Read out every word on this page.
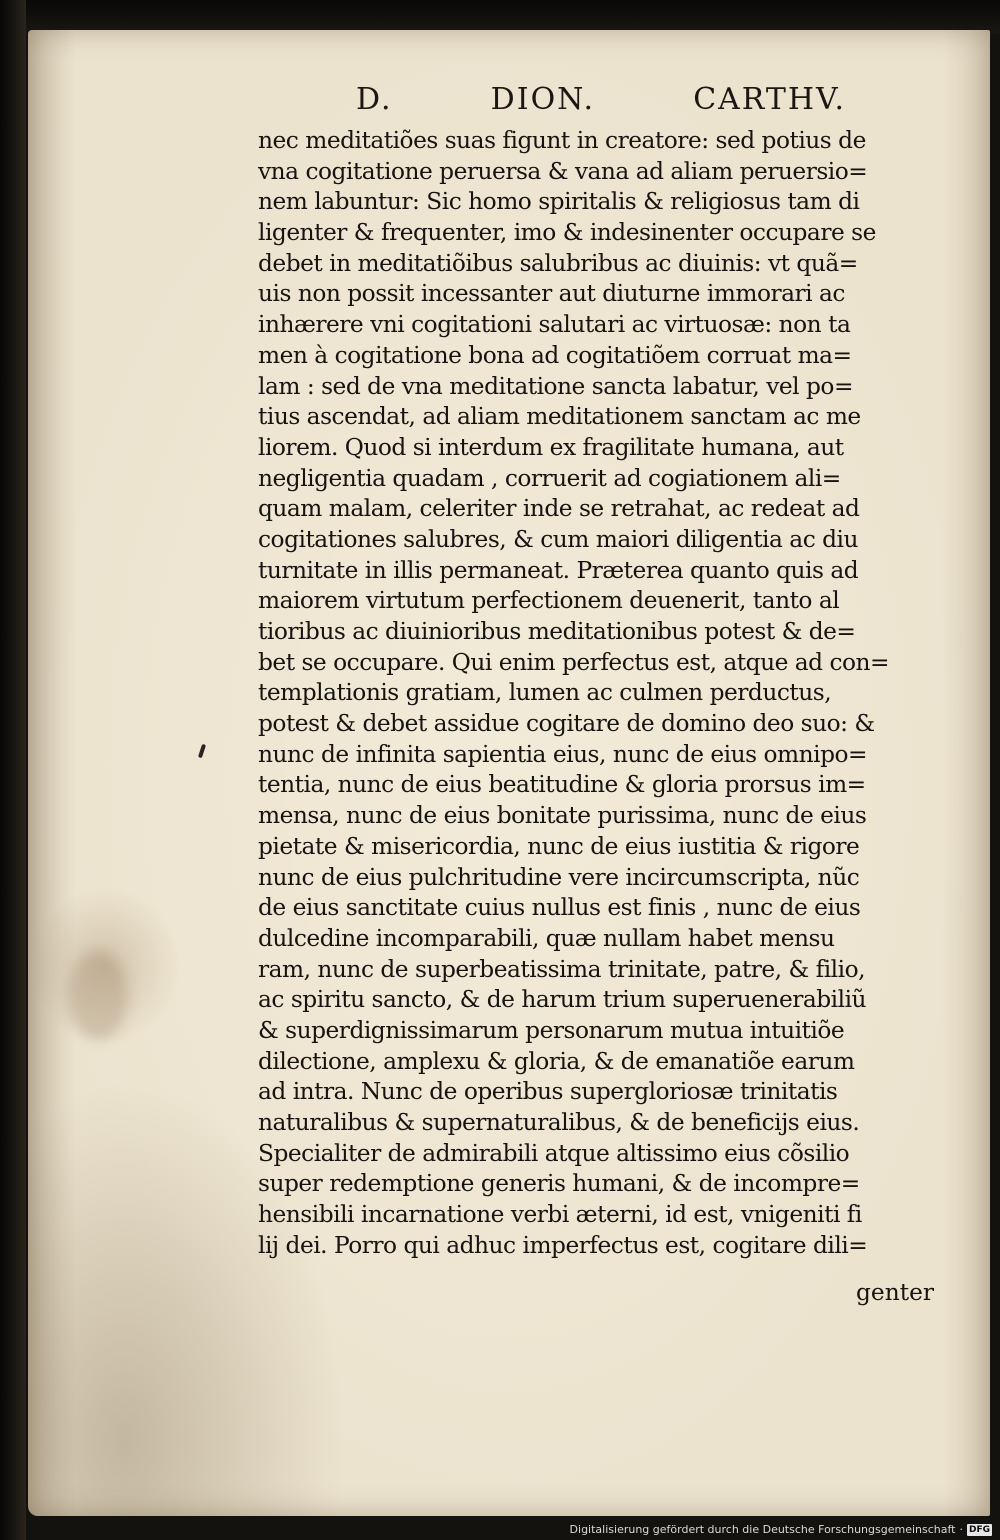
D.	DION.	CARTHV.
nec meditatiões suas figunt in creatore: sed potius de
vna cogitatione peruersa & vana ad aliam peruersio=
nem labuntur: Sic homo spiritalis & religiosus tam di
ligenter & frequenter, imo & indesinenter occupare se
debet in meditatiõibus salubribus ac diuinis: vt quã=
uis non possit incessanter aut diuturne immorari ac
inhærere vni cogitationi salutari ac virtuosæ: non ta
men à cogitatione bona ad cogitatiõem corruat ma=
lam : sed de vna meditatione sancta labatur, vel po=
tius ascendat, ad aliam meditationem sanctam ac me
liorem. Quod si interdum ex fragilitate humana, aut
negligentia quadam , corruerit ad cogiationem ali=
quam malam, celeriter inde se retrahat, ac redeat ad
cogitationes salubres, & cum maiori diligentia ac diu
turnitate in illis permaneat. Præterea quanto quis ad
maiorem virtutum perfectionem deuenerit, tanto al
tioribus ac diuinioribus meditationibus potest & de=
bet se occupare. Qui enim perfectus est, atque ad con=
templationis gratiam, lumen ac culmen perductus,
potest & debet assidue cogitare de domino deo suo: &
nunc de infinita sapientia eius, nunc de eius omnipo=
tentia, nunc de eius beatitudine & gloria prorsus im=
mensa, nunc de eius bonitate purissima, nunc de eius
pietate & misericordia, nunc de eius iustitia & rigore
nunc de eius pulchritudine vere incircumscripta, nũc
de eius sanctitate cuius nullus est finis , nunc de eius
dulcedine incomparabili, quæ nullam habet mensu
ram, nunc de superbeatissima trinitate, patre, & filio,
ac spiritu sancto, & de harum trium superuenerabiliũ
& superdignissimarum personarum mutua intuitiõe
dilectione, amplexu & gloria, & de emanatiõe earum
ad intra. Nunc de operibus supergloriosæ trinitatis
naturalibus & supernaturalibus, & de beneficijs eius.
Specialiter de admirabili atque altissimo eius cõsilio
super redemptione generis humani, & de incompre=
hensibili incarnatione verbi æterni, id est, vnigeniti fi
lij dei. Porro qui adhuc imperfectus est, cogitare dili=
genter
Digitalisierung gefördert durch die Deutsche Forschungsgemeinschaft · DFG
